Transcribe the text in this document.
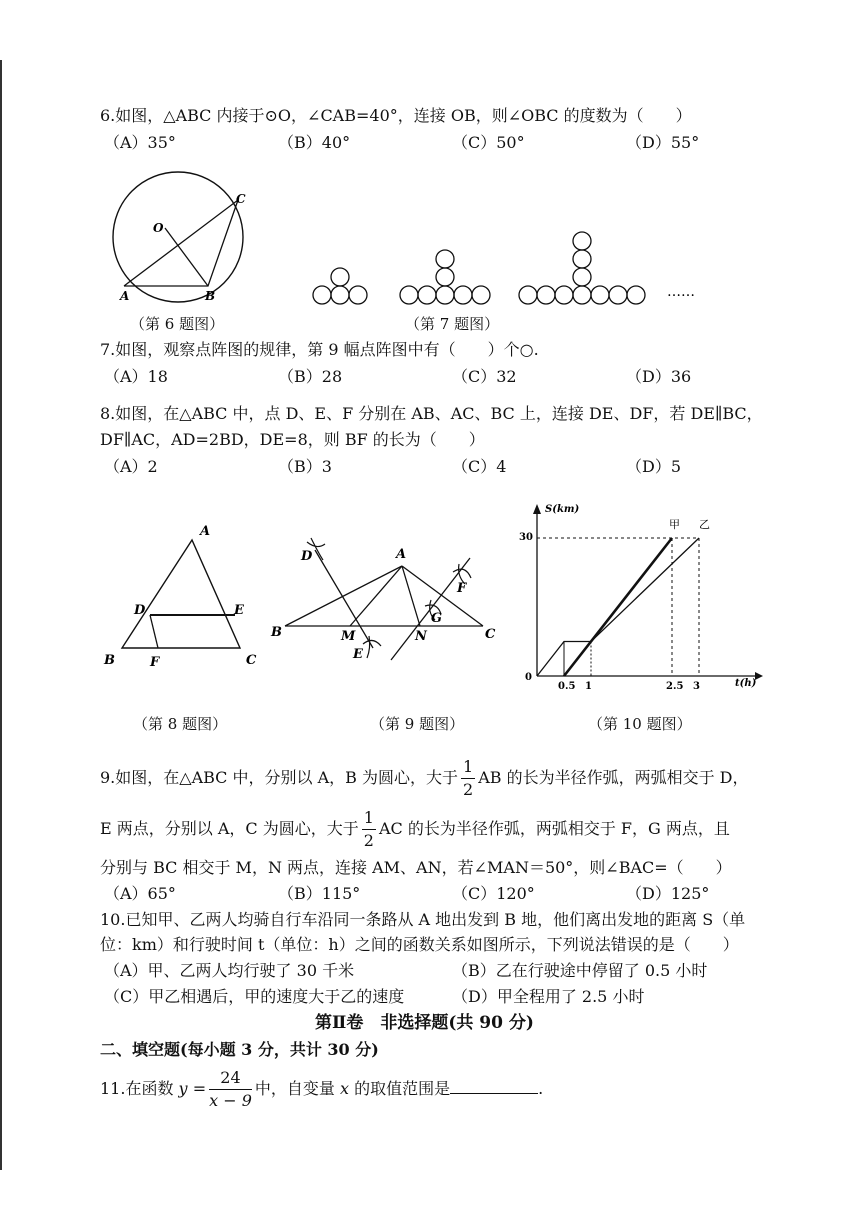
6.如图，△ABC 内接于⊙O，∠CAB=40°，连接 OB，则∠OBC 的度数为（　　）
（A）35°	（B）40°	（C）50°	（D）55°
O
C
A	B
（第 6 题图）
……
（第 7 题图）
7.如图，观察点阵图的规律，第 9 幅点阵图中有（　　）个○.
（A）18	（B）28	（C）32	（D）36
8.如图，在△ABC 中，点 D、E、F 分别在 AB、AC、BC 上，连接 DE、DF，若 DE∥BC，
DF∥AC，AD=2BD，DE=8，则 BF 的长为（　　）
（A）2	（B）3	（C）4	（D）5
A
D	E
B	F	C
（第 8 题图）
D	A
F
G
B	M	N	C
E
（第 9 题图）
S(km)
t(h)
30
0
0.5 1	2.5 3
甲 乙
（第 10 题图）
9.如图，在△ABC 中，分别以 A，B 为圆心，大于 $\frac{1}{2}$ AB 的长为半径作弧，两弧相交于 D，
E 两点，分别以 A，C 为圆心，大于 $\frac{1}{2}$ AC 的长为半径作弧，两弧相交于 F，G 两点，且
分别与 BC 相交于 M，N 两点，连接 AM、AN，若∠MAN＝50°，则∠BAC=（　　）
（A）65°	（B）115°	（C）120°	（D）125°
10.已知甲、乙两人均骑自行车沿同一条路从 A 地出发到 B 地，他们离出发地的距离 S（单
位：km）和行驶时间 t（单位：h）之间的函数关系如图所示，下列说法错误的是（　　）
（A）甲、乙两人均行驶了 30 千米	（B）乙在行驶途中停留了 0.5 小时
（C）甲乙相遇后，甲的速度大于乙的速度	（D）甲全程用了 2.5 小时
第Ⅱ卷　非选择题(共 90 分)
二、填空题(每小题 3 分，共计 30 分)
11.在函数 $y = \frac{24}{x - 9}$ 中，自变量 x 的取值范围是	.
